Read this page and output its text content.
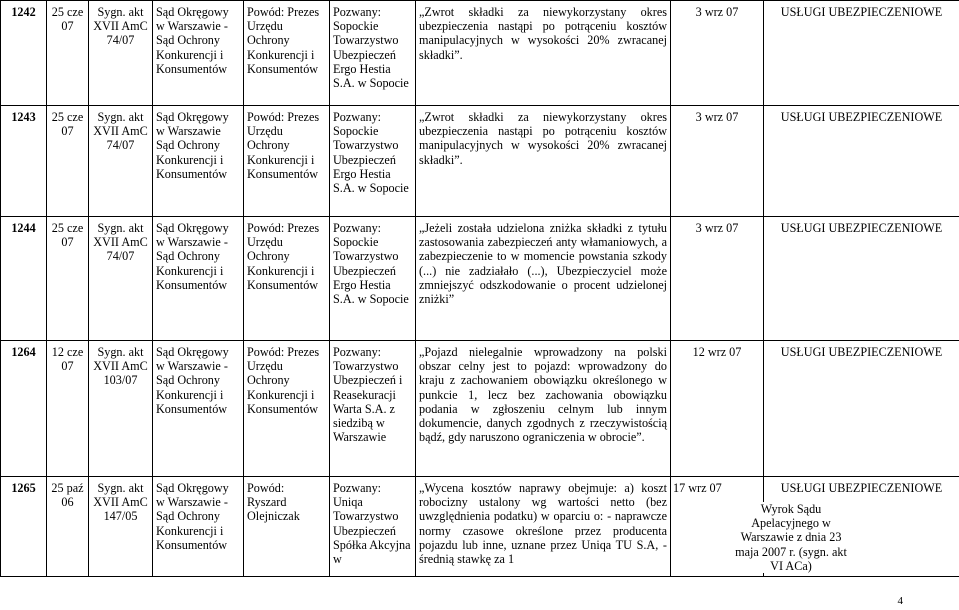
1242	25 cze 07	Sygn. akt XVII AmC 74/07	Sąd Okręgowy w Warszawie - Sąd Ochrony Konkurencji i Konsumentów	Powód: Prezes Urzędu Ochrony Konkurencji i Konsumentów	Pozwany: Sopockie Towarzystwo Ubezpieczeń Ergo Hestia S.A. w Sopocie	„Zwrot składki za niewykorzystany okres ubezpieczenia nastąpi po potrąceniu kosztów manipulacyjnych w wysokości 20% zwracanej składki”.	3 wrz 07	USŁUGI UBEZPIECZENIOWE
1243	25 cze 07	Sygn. akt XVII AmC 74/07	Sąd Okręgowy w Warszawie Sąd Ochrony Konkurencji i Konsumentów	Powód: Prezes Urzędu Ochrony Konkurencji i Konsumentów	Pozwany: Sopockie Towarzystwo Ubezpieczeń Ergo Hestia S.A. w Sopocie	„Zwrot składki za niewykorzystany okres ubezpieczenia nastąpi po potrąceniu kosztów manipulacyjnych w wysokości 20% zwracanej składki”.	3 wrz 07	USŁUGI UBEZPIECZENIOWE
1244	25 cze 07	Sygn. akt XVII AmC 74/07	Sąd Okręgowy w Warszawie - Sąd Ochrony Konkurencji i Konsumentów	Powód: Prezes Urzędu Ochrony Konkurencji i Konsumentów	Pozwany: Sopockie Towarzystwo Ubezpieczeń Ergo Hestia S.A. w Sopocie	„Jeżeli została udzielona zniżka składki z tytułu zastosowania zabezpieczeń anty włamaniowych, a zabezpieczenie to w momencie powstania szkody (...) nie zadziałało (...), Ubezpieczyciel może zmniejszyć odszkodowanie o procent udzielonej zniżki”	3 wrz 07	USŁUGI UBEZPIECZENIOWE
1264	12 cze 07	Sygn. akt XVII AmC 103/07	Sąd Okręgowy w Warszawie - Sąd Ochrony Konkurencji i Konsumentów	Powód: Prezes Urzędu Ochrony Konkurencji i Konsumentów	Pozwany: Towarzystwo Ubezpieczeń i Reasekuracji Warta S.A. z siedzibą w Warszawie	„Pojazd nielegalnie wprowadzony na polski obszar celny jest to pojazd: wprowadzony do kraju z zachowaniem obowiązku określonego w punkcie 1, lecz bez zachowania obowiązku podania w zgłoszeniu celnym lub innym dokumencie, danych zgodnych z rzeczywistością bądź, gdy naruszono ograniczenia w obrocie”.	12 wrz 07	USŁUGI UBEZPIECZENIOWE
1265	25 paź 06	Sygn. akt XVII AmC 147/05	Sąd Okręgowy w Warszawie - Sąd Ochrony Konkurencji i Konsumentów	Powód: Ryszard Olejniczak	Pozwany: Uniqa Towarzystwo Ubezpieczeń Spółka Akcyjna w	„Wycena kosztów naprawy obejmuje: a) koszt robocizny ustalony wg wartości netto (bez uwzględnienia podatku) w oparciu o: - naprawcze normy czasowe określone przez producenta pojazdu lub inne, uznane przez Uniqa TU S.A, - średnią stawkę za 1	17 wrz 07	USŁUGI UBEZPIECZENIOWE
Wyrok Sądu Apelacyjnego w Warszawie z dnia 23 maja 2007 r. (sygn. akt VI ACa)
4
